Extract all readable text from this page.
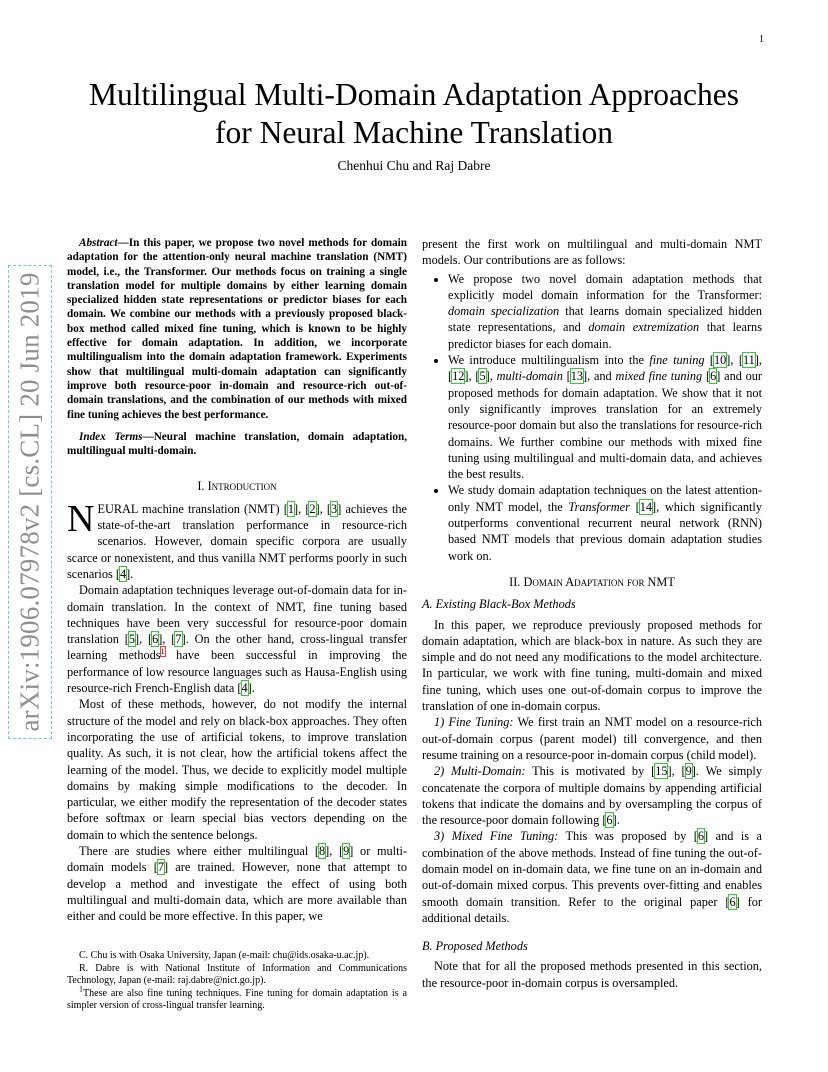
1
arXiv:1906.07978v2 [cs.CL] 20 Jun 2019
Multilingual Multi-Domain Adaptation Approaches
for Neural Machine Translation
Chenhui Chu and Raj Dabre

Abstract—In this paper, we propose two novel methods for domain adaptation for the attention-only neural machine translation (NMT) model, i.e., the Transformer. Our methods focus on training a single translation model for multiple domains by either learning domain specialized hidden state representations or predictor biases for each domain. We combine our methods with a previously proposed black-box method called mixed fine tuning, which is known to be highly effective for domain adaptation. In addition, we incorporate multilingualism into the domain adaptation framework. Experiments show that multilingual multi-domain adaptation can significantly improve both resource-poor in-domain and resource-rich out-of-domain translations, and the combination of our methods with mixed fine tuning achieves the best performance.

Index Terms—Neural machine translation, domain adaptation, multilingual multi-domain.

I. Introduction

NEURAL machine translation (NMT) [ 1 ] , [ 2 ] , [ 3 ] achieves the state-of-the-art translation performance in resource-rich scenarios. However, domain specific corpora are usually scarce or nonexistent, and thus vanilla NMT performs poorly in such scenarios [ 4 ] .

Domain adaptation techniques leverage out-of-domain data for in-domain translation. In the context of NMT, fine tuning based techniques have been very successful for resource-poor domain translation [ 5 ] , [ 6 ] , [ 7 ] . On the other hand, cross-lingual transfer learning methods$^1$ have been successful in improving the performance of low resource languages such as Hausa-English using resource-rich French-English data [ 4 ] .

Most of these methods, however, do not modify the internal structure of the model and rely on black-box approaches. They often incorporating the use of artificial tokens, to improve translation quality. As such, it is not clear, how the artificial tokens affect the learning of the model. Thus, we decide to explicitly model multiple domains by making simple modifications to the decoder. In particular, we either modify the representation of the decoder states before softmax or learn special bias vectors depending on the domain to which the sentence belongs.

There are studies where either multilingual [ 8 ] , [ 9 ] or multi-domain models [ 7 ] are trained. However, none that attempt to develop a method and investigate the effect of using both multilingual and multi-domain data, which are more available than either and could be more effective. In this paper, we

C. Chu is with Osaka University, Japan (e-mail: chu@ids.osaka-u.ac.jp).

R. Dabre is with National Institute of Information and Communications Technology, Japan (e-mail: raj.dabre@nict.go.jp).

$^1$These are also fine tuning techniques. Fine tuning for domain adaptation is a simpler version of cross-lingual transfer learning.

present the first work on multilingual and multi-domain NMT models. Our contributions are as follows:

• We propose two novel domain adaptation methods that explicitly model domain information for the Transformer: domain specialization that learns domain specialized hidden state representations, and domain extremization that learns predictor biases for each domain.
• We introduce multilingualism into the fine tuning [ 10 ] , [ 11 ] , [ 12 ] , [ 5 ] , multi-domain [ 13 ] , and mixed fine tuning [ 6 ] and our proposed methods for domain adaptation. We show that it not only significantly improves translation for an extremely resource-poor domain but also the translations for resource-rich domains. We further combine our methods with mixed fine tuning using multilingual and multi-domain data, and achieves the best results.
• We study domain adaptation techniques on the latest attention-only NMT model, the Transformer [ 14 ] , which significantly outperforms conventional recurrent neural network (RNN) based NMT models that previous domain adaptation studies work on.
II. Domain Adaptation for NMT
A. Existing Black-Box Methods

In this paper, we reproduce previously proposed methods for domain adaptation, which are black-box in nature. As such they are simple and do not need any modifications to the model architecture. In particular, we work with fine tuning, multi-domain and mixed fine tuning, which uses one out-of-domain corpus to improve the translation of one in-domain corpus.

1) Fine Tuning: We first train an NMT model on a resource-rich out-of-domain corpus (parent model) till convergence, and then resume training on a resource-poor in-domain corpus (child model).

2) Multi-Domain: This is motivated by [ 15 ] , [ 9 ] . We simply concatenate the corpora of multiple domains by appending artificial tokens that indicate the domains and by oversampling the corpus of the resource-poor domain following [ 6 ] .

3) Mixed Fine Tuning: This was proposed by [ 6 ] and is a combination of the above methods. Instead of fine tuning the out-of-domain model on in-domain data, we fine tune on an in-domain and out-of-domain mixed corpus. This prevents over-fitting and enables smooth domain transition. Refer to the original paper [ 6 ] for additional details.

B. Proposed Methods

Note that for all the proposed methods presented in this section, the resource-poor in-domain corpus is oversampled.
